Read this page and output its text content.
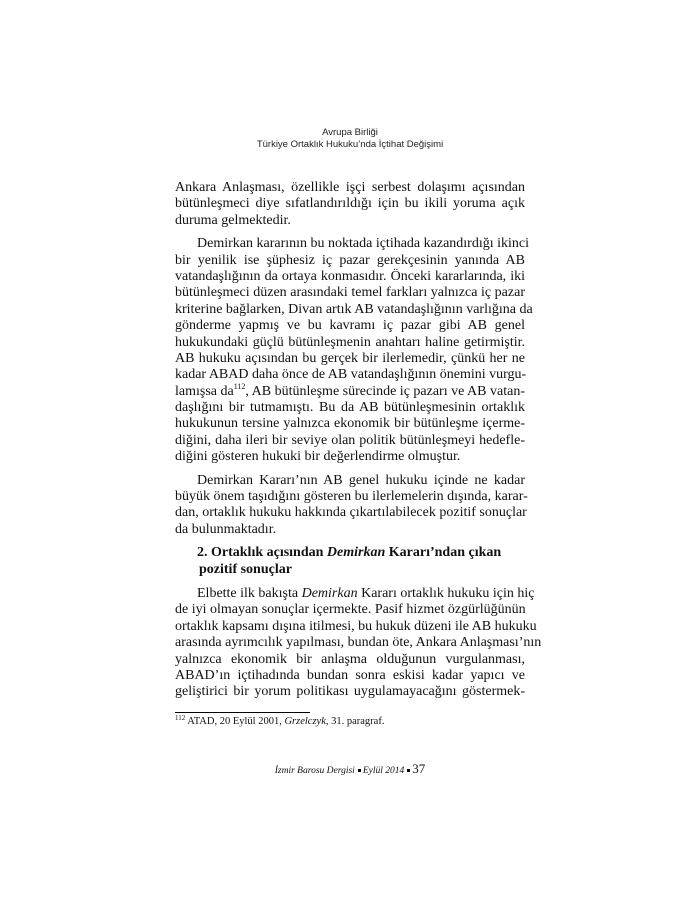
Avrupa Birliği
Türkiye Ortaklık Hukuku’nda İçtihat Değişimi
Ankara Anlaşması, özellikle işçi serbest dolaşımı açısından
bütünleşmeci diye sıfatlandırıldığı için bu ikili yoruma açık
duruma gelmektedir.
Demirkan kararının bu noktada içtihada kazandırdığı ikinci
bir yenilik ise şüphesiz iç pazar gerekçesinin yanında AB
vatandaşlığının da ortaya konmasıdır. Önceki kararlarında, iki
bütünleşmeci düzen arasındaki temel farkları yalnızca iç pazar
kriterine bağlarken, Divan artık AB vatandaşlığının varlığına da
gönderme yapmış ve bu kavramı iç pazar gibi AB genel
hukukundaki güçlü bütünleşmenin anahtarı haline getirmiştir.
AB hukuku açısından bu gerçek bir ilerlemedir, çünkü her ne
kadar ABAD daha önce de AB vatandaşlığının önemini vurgu-
lamışsa $da^{112}$, AB bütünleşme sürecinde iç pazarı ve AB vatan-
daşlığını bir tutmamıştı. Bu da AB bütünleşmesinin ortaklık
hukukunun tersine yalnızca ekonomik bir bütünleşme içerme-
diğini, daha ileri bir seviye olan politik bütünleşmeyi hedefle-
diğini gösteren hukuki bir değerlendirme olmuştur.
Demirkan Kararı’nın AB genel hukuku içinde ne kadar
büyük önem taşıdığını gösteren bu ilerlemelerin dışında, karar-
dan, ortaklık hukuku hakkında çıkartılabilecek pozitif sonuçlar
da bulunmaktadır.
2. Ortaklık açısından Demirkan Kararı’ndan çıkan
pozitif sonuçlar
Elbette ilk bakışta Demirkan Kararı ortaklık hukuku için hiç
de iyi olmayan sonuçlar içermekte. Pasif hizmet özgürlüğünün
ortaklık kapsamı dışına itilmesi, bu hukuk düzeni ile AB hukuku
arasında ayrımcılık yapılması, bundan öte, Ankara Anlaşması’nın
yalnızca ekonomik bir anlaşma olduğunun vurgulanması,
ABAD’ın içtihadında bundan sonra eskisi kadar yapıcı ve
geliştirici bir yorum politikası uygulamayacağını göstermek-
$^{112}$ ATAD, 20 Eylül 2001, Grzelczyk, 31. paragraf.
İzmir Barosu Dergisi Eylül 2014 37
